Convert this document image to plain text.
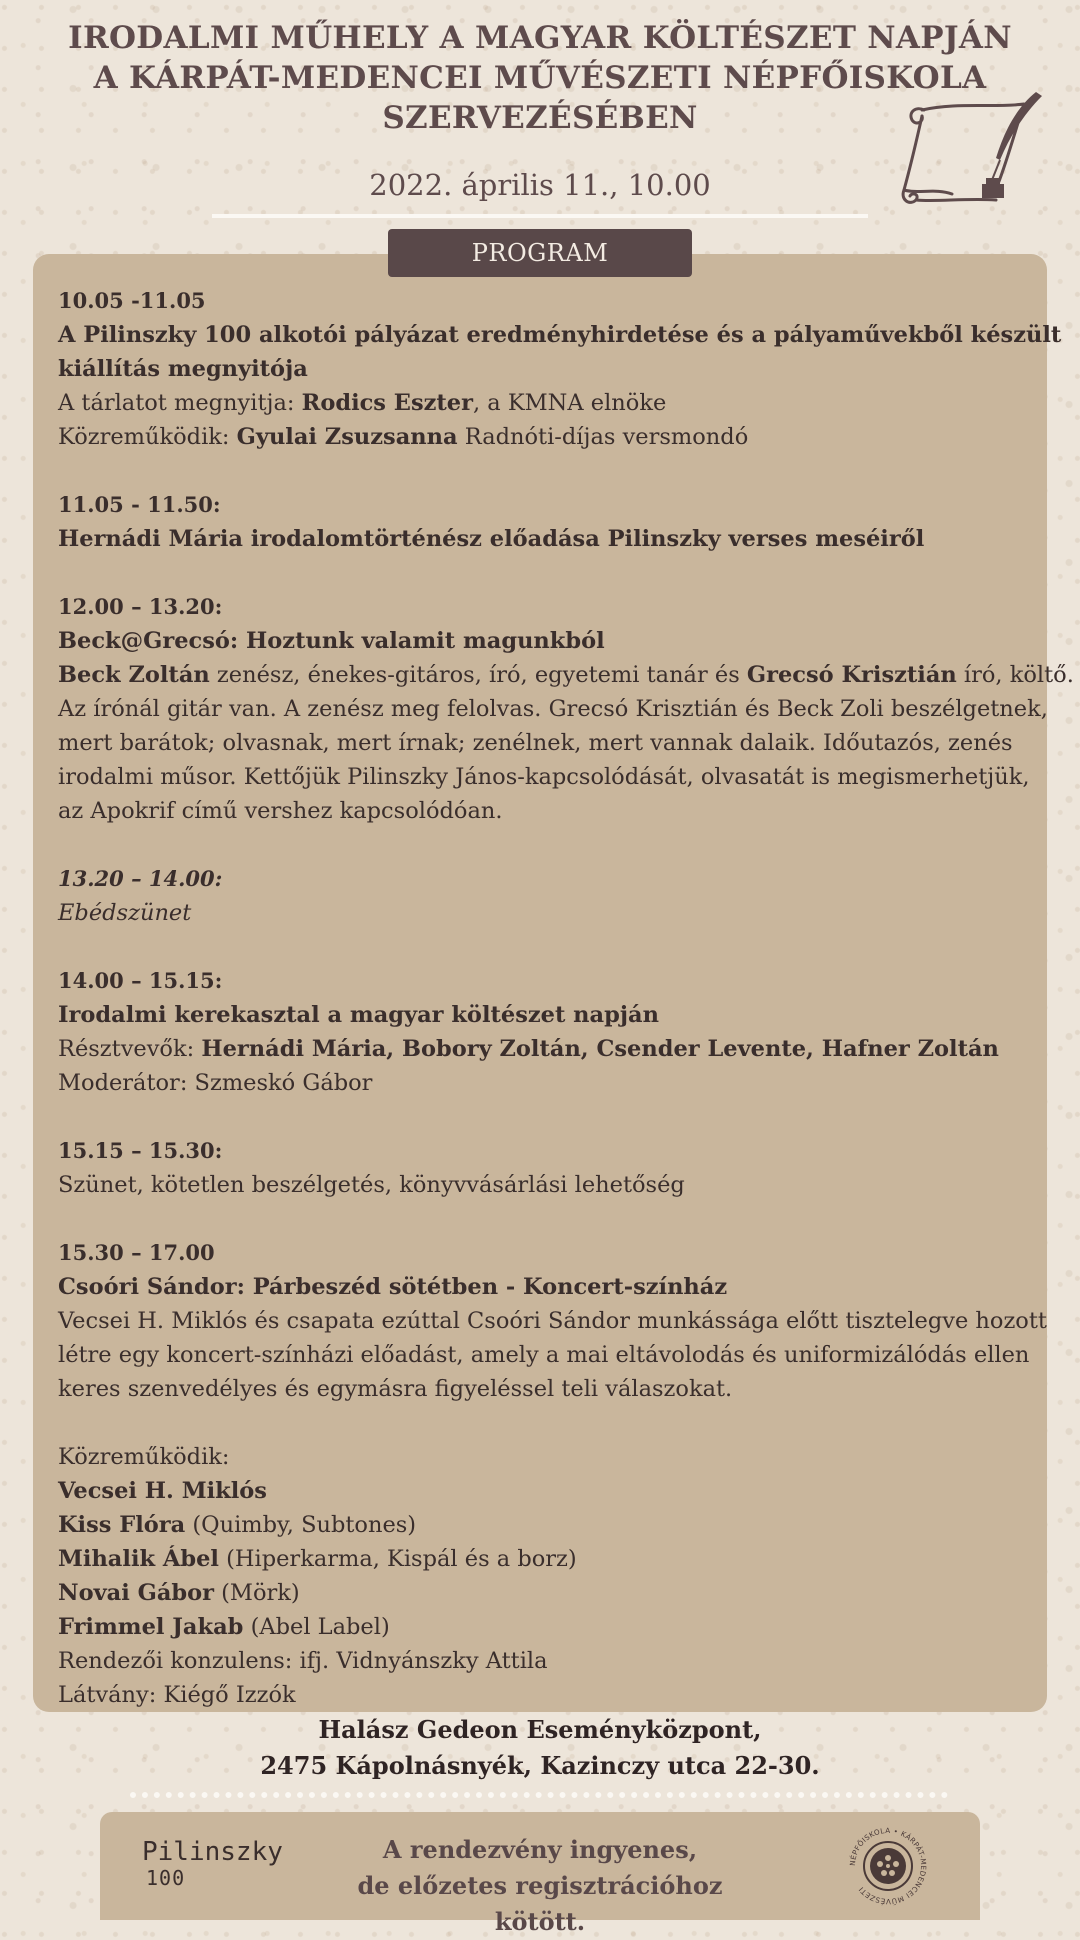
IRODALMI MŰHELY A MAGYAR KÖLTÉSZET NAPJÁN
A KÁRPÁT-MEDENCEI MŰVÉSZETI NÉPFŐISKOLA
SZERVEZÉSÉBEN
2022. április 11., 10.00
PROGRAM

10.05 -11.05

A Pilinszky 100 alkotói pályázat eredményhirdetése és a pályaművekből készült

kiállítás megnyitója

A tárlatot megnyitja: Rodics Eszter, a KMNA elnöke

Közreműködik: Gyulai Zsuzsanna Radnóti-díjas versmondó

11.05 - 11.50:

Hernádi Mária irodalomtörténész előadása Pilinszky verses meséiről

12.00 – 13.20:

Beck@Grecsó: Hoztunk valamit magunkból

Beck Zoltán zenész, énekes-gitáros, író, egyetemi tanár és Grecsó Krisztián író, költő.

Az írónál gitár van. A zenész meg felolvas. Grecsó Krisztián és Beck Zoli beszélgetnek,

mert barátok; olvasnak, mert írnak; zenélnek, mert vannak dalaik. Időutazós, zenés

irodalmi műsor. Kettőjük Pilinszky János-kapcsolódását, olvasatát is megismerhetjük,

az Apokrif című vershez kapcsolódóan.

13.20 – 14.00:

Ebédszünet

14.00 – 15.15:

Irodalmi kerekasztal a magyar költészet napján

Résztvevők: Hernádi Mária, Bobory Zoltán, Csender Levente, Hafner Zoltán

Moderátor: Szmeskó Gábor

15.15 – 15.30:

Szünet, kötetlen beszélgetés, könyvvásárlási lehetőség

15.30 – 17.00

Csoóri Sándor: Párbeszéd sötétben - Koncert-színház

Vecsei H. Miklós és csapata ezúttal Csoóri Sándor munkássága előtt tisztelegve hozott

létre egy koncert-színházi előadást, amely a mai eltávolodás és uniformizálódás ellen

keres szenvedélyes és egymásra figyeléssel teli válaszokat.

Közreműködik:

Vecsei H. Miklós

Kiss Flóra (Quimby, Subtones)

Mihalik Ábel (Hiperkarma, Kispál és a borz)

Novai Gábor (Mörk)

Frimmel Jakab (Abel Label)

Rendezői konzulens: ifj. Vidnyánszky Attila

Látvány: Kiégő Izzók

Halász Gedeon Eseményközpont,
2475 Kápolnásnyék, Kazinczy utca 22-30.
Pilinszky
100
A rendezvény ingyenes,
de előzetes regisztrációhoz kötött.
NÉPFŐISKOLA • KÁRPÁT-MEDENCEI MŰVÉSZETI
